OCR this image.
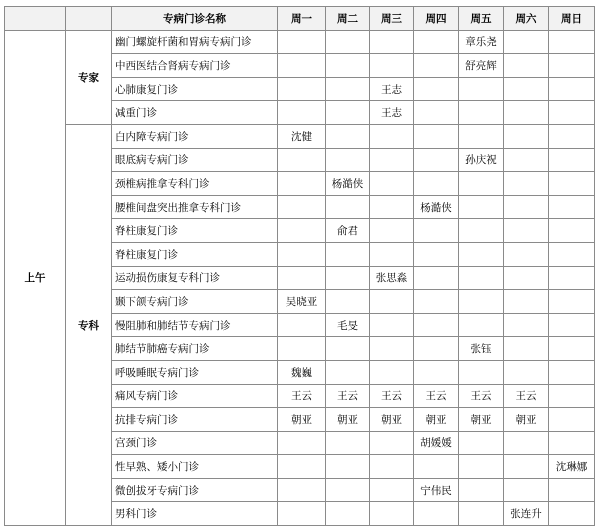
		专病门诊名称	周一	周二	周三	周四	周五	周六	周日
上午	专家	幽门螺旋杆菌和胃病专病门诊					章乐尧		
		中西医结合肾病专病门诊					舒亮辉		
		心肺康复门诊			王志				
		减重门诊			王志				
	专科	白内障专病门诊	沈健						
		眼底病专病门诊					孙庆祝		
		颈椎病推拿专科门诊		杨澔侠					
		腰椎间盘突出推拿专科门诊				杨澔侠			
		脊柱康复门诊		俞君					
		脊柱康复门诊							
		运动损伤康复专科门诊			张思淼				
		颞下颌专病门诊	吴晓亚						
		慢阻肺和肺结节专病门诊		毛旻					
		肺结节肺癌专病门诊					张钰		
		呼吸睡眠专病门诊	魏巍						
		痛风专病门诊	王云	王云	王云	王云	王云	王云	
		抗排专病门诊	朝亚	朝亚	朝亚	朝亚	朝亚	朝亚	
		宫颈门诊				胡媛媛			
		性早熟、矮小门诊							沈琳娜
		微创拔牙专病门诊				宁伟民			
		男科门诊						张连升	
